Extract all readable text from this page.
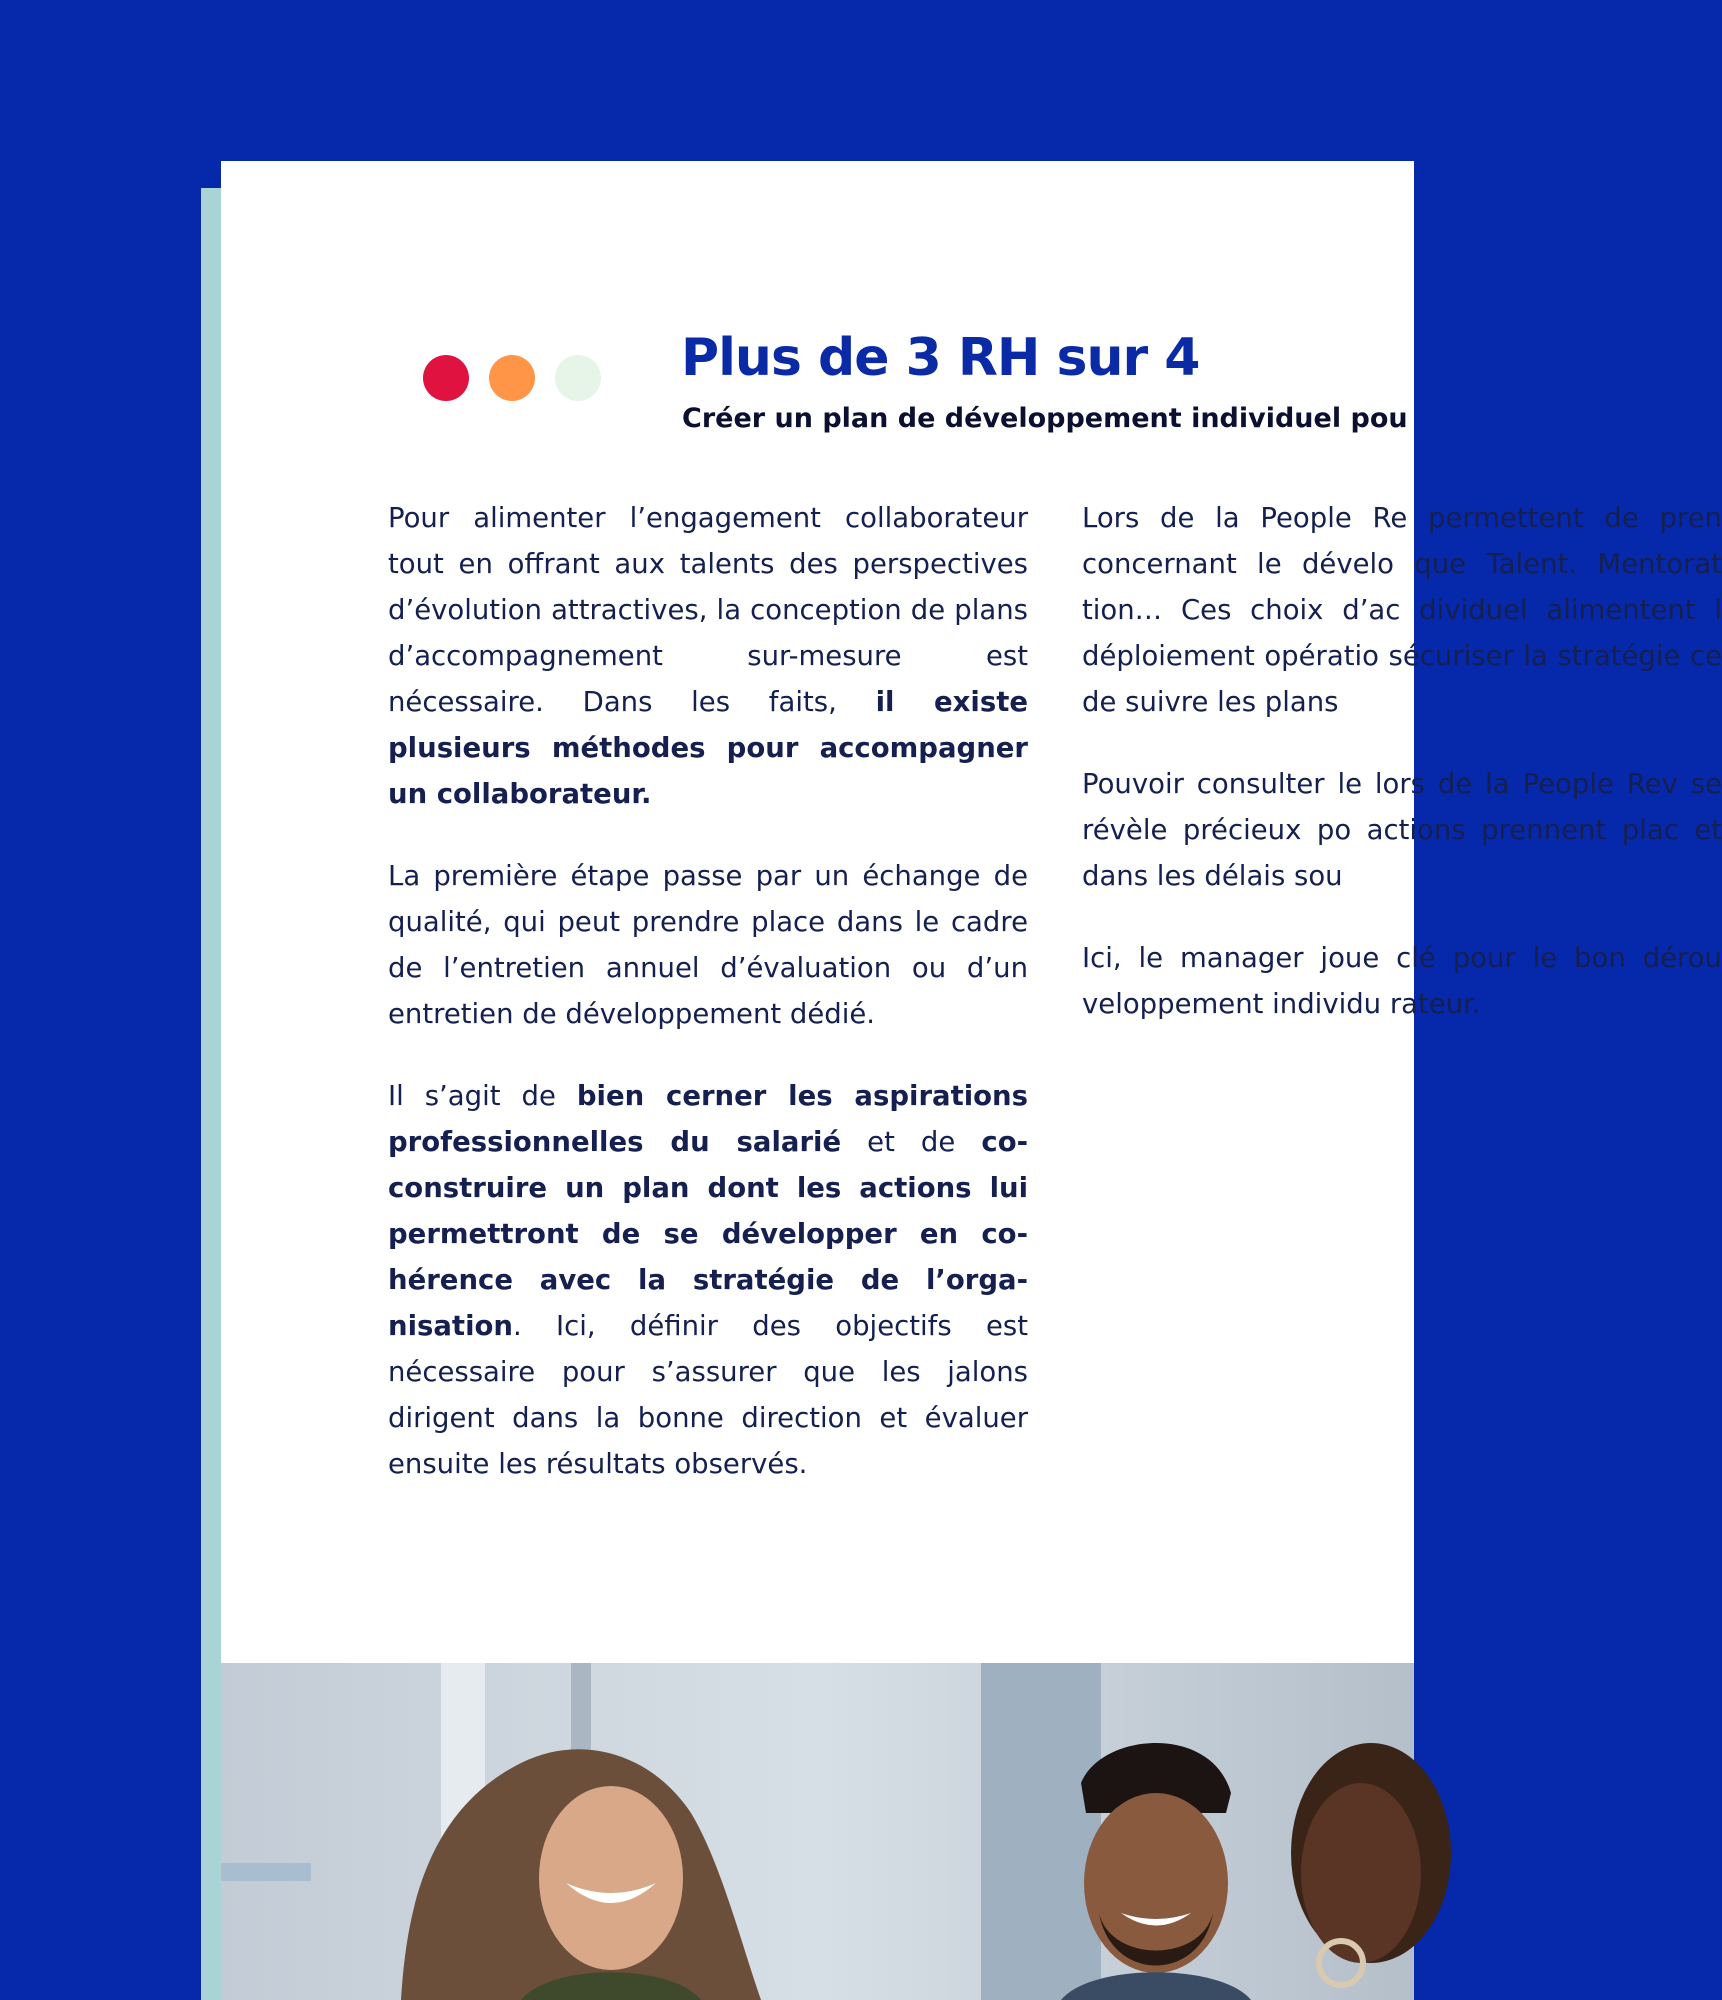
Plus de 3 RH sur 4
Créer un plan de développement individuel pou

Pour alimenter l’engagement collaborateur tout en offrant aux talents des perspectives d’évolution attractives, la conception de plans d’accompagnement sur-mesure est nécessaire. Dans les faits, il existe plusieurs méthodes pour accompagner un collaborateur.

La première étape passe par un échange de qualité, qui peut prendre place dans le cadre de l’entretien annuel d’évaluation ou d’un entretien de développement dédié.

Il s’agit de bien cerner les aspirations professionnelles du salarié et de co-construire un plan dont les actions lui permettront de se développer en cohérence avec la stratégie de l’organisation. Ici, définir des objectifs est nécessaire pour s’assurer que les jalons dirigent dans la bonne direction et évaluer ensuite les résultats observés.

Lors de la People Re permettent de pren concernant le dévelo que Talent. Mentorat tion… Ces choix d’ac dividuel alimentent l déploiement opératio sécuriser la stratégie ce de suivre les plans

Pouvoir consulter le lors de la People Rev se révèle précieux po actions prennent plac et dans les délais sou

Ici, le manager joue clé pour le bon dérou veloppement individu rateur.
